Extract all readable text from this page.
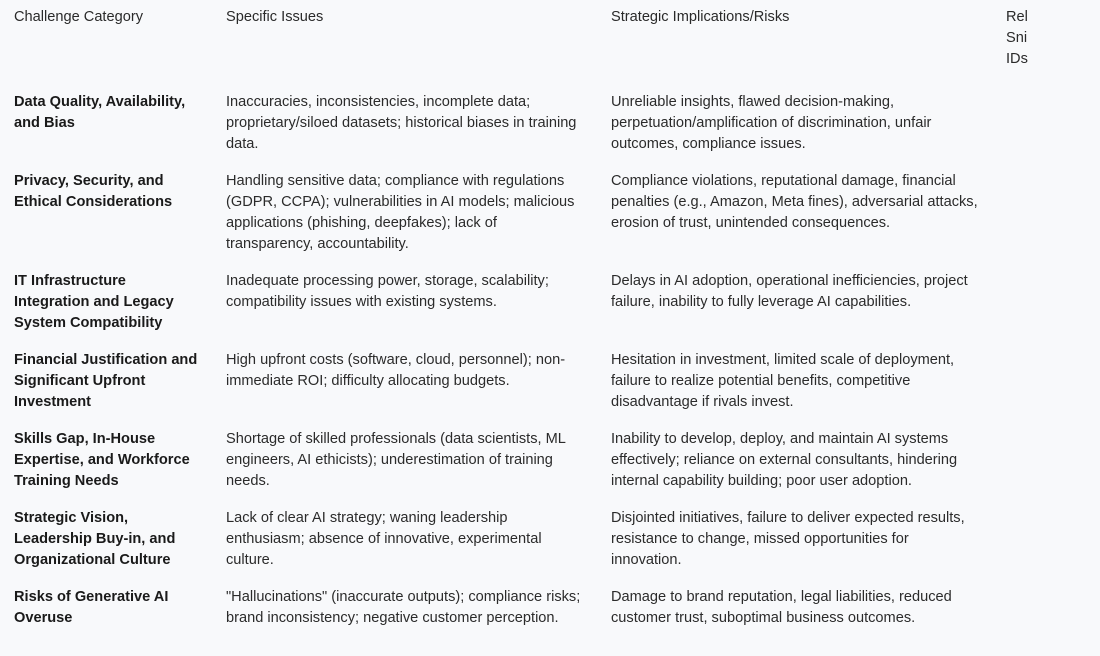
Challenge Category	Specific Issues	Strategic Implications/Risks	Rel
Sni
IDs
Data Quality, Availability, and Bias	Inaccuracies, inconsistencies, incomplete data; proprietary/siloed datasets; historical biases in training data.	Unreliable insights, flawed decision-making, perpetuation/amplification of discrimination, unfair outcomes, compliance issues.	
Privacy, Security, and Ethical Considerations	Handling sensitive data; compliance with regulations (GDPR, CCPA); vulnerabilities in AI models; malicious applications (phishing, deepfakes); lack of transparency, accountability.	Compliance violations, reputational damage, financial penalties (e.g., Amazon, Meta fines), adversarial attacks, erosion of trust, unintended consequences.	
IT Infrastructure Integration and Legacy System Compatibility	Inadequate processing power, storage, scalability; compatibility issues with existing systems.	Delays in AI adoption, operational inefficiencies, project failure, inability to fully leverage AI capabilities.	
Financial Justification and Significant Upfront Investment	High upfront costs (software, cloud, personnel); non-immediate ROI; difficulty allocating budgets.	Hesitation in investment, limited scale of deployment, failure to realize potential benefits, competitive disadvantage if rivals invest.	
Skills Gap, In-House Expertise, and Workforce Training Needs	Shortage of skilled professionals (data scientists, ML engineers, AI ethicists); underestimation of training needs.	Inability to develop, deploy, and maintain AI systems effectively; reliance on external consultants, hindering internal capability building; poor user adoption.	
Strategic Vision, Leadership Buy-in, and Organizational Culture	Lack of clear AI strategy; waning leadership enthusiasm; absence of innovative, experimental culture.	Disjointed initiatives, failure to deliver expected results, resistance to change, missed opportunities for innovation.	
Risks of Generative AI Overuse	"Hallucinations" (inaccurate outputs); compliance risks; brand inconsistency; negative customer perception.	Damage to brand reputation, legal liabilities, reduced customer trust, suboptimal business outcomes.	
